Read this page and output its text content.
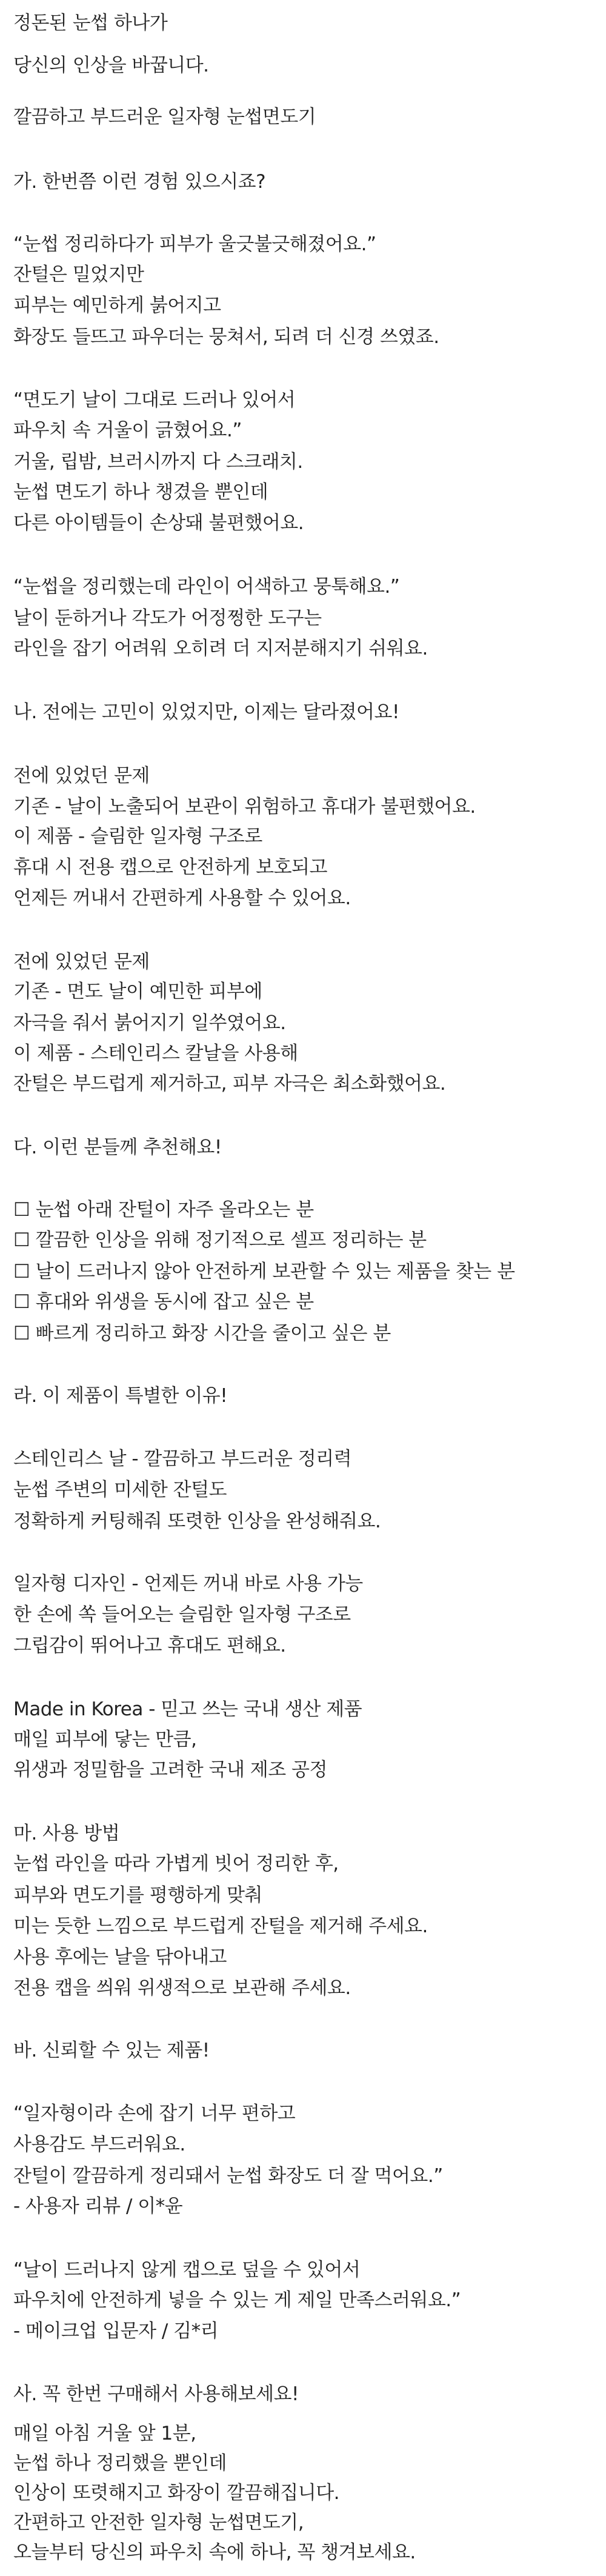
정돈된 눈썹 하나가

당신의 인상을 바꿉니다.

깔끔하고 부드러운 일자형 눈썹면도기

가. 한번쯤 이런 경험 있으시죠?

“눈썹 정리하다가 피부가 울긋불긋해졌어요.”

잔털은 밀었지만

피부는 예민하게 붉어지고

화장도 들뜨고 파우더는 뭉쳐서, 되려 더 신경 쓰였죠.

“면도기 날이 그대로 드러나 있어서

파우치 속 거울이 긁혔어요.”

거울, 립밤, 브러시까지 다 스크래치.

눈썹 면도기 하나 챙겼을 뿐인데

다른 아이템들이 손상돼 불편했어요.

“눈썹을 정리했는데 라인이 어색하고 뭉툭해요.”

날이 둔하거나 각도가 어정쩡한 도구는

라인을 잡기 어려워 오히려 더 지저분해지기 쉬워요.

나. 전에는 고민이 있었지만, 이제는 달라졌어요!

전에 있었던 문제

기존 - 날이 노출되어 보관이 위험하고 휴대가 불편했어요.

이 제품 - 슬림한 일자형 구조로

휴대 시 전용 캡으로 안전하게 보호되고

언제든 꺼내서 간편하게 사용할 수 있어요.

전에 있었던 문제

기존 - 면도 날이 예민한 피부에

자극을 줘서 붉어지기 일쑤였어요.

이 제품 - 스테인리스 칼날을 사용해

잔털은 부드럽게 제거하고, 피부 자극은 최소화했어요.

다. 이런 분들께 추천해요!

☐ 눈썹 아래 잔털이 자주 올라오는 분

☐ 깔끔한 인상을 위해 정기적으로 셀프 정리하는 분

☐ 날이 드러나지 않아 안전하게 보관할 수 있는 제품을 찾는 분

☐ 휴대와 위생을 동시에 잡고 싶은 분

☐ 빠르게 정리하고 화장 시간을 줄이고 싶은 분

라. 이 제품이 특별한 이유!

스테인리스 날 - 깔끔하고 부드러운 정리력

눈썹 주변의 미세한 잔털도

정확하게 커팅해줘 또렷한 인상을 완성해줘요.

일자형 디자인 - 언제든 꺼내 바로 사용 가능

한 손에 쏙 들어오는 슬림한 일자형 구조로

그립감이 뛰어나고 휴대도 편해요.

Made in Korea - 믿고 쓰는 국내 생산 제품

매일 피부에 닿는 만큼,

위생과 정밀함을 고려한 국내 제조 공정

마. 사용 방법

눈썹 라인을 따라 가볍게 빗어 정리한 후,

피부와 면도기를 평행하게 맞춰

미는 듯한 느낌으로 부드럽게 잔털을 제거해 주세요.

사용 후에는 날을 닦아내고

전용 캡을 씌워 위생적으로 보관해 주세요.

바. 신뢰할 수 있는 제품!

“일자형이라 손에 잡기 너무 편하고

사용감도 부드러워요.

잔털이 깔끔하게 정리돼서 눈썹 화장도 더 잘 먹어요.”

- 사용자 리뷰 / 이*윤

“날이 드러나지 않게 캡으로 덮을 수 있어서

파우치에 안전하게 넣을 수 있는 게 제일 만족스러워요.”

- 메이크업 입문자 / 김*리

사. 꼭 한번 구매해서 사용해보세요!

매일 아침 거울 앞 1분,

눈썹 하나 정리했을 뿐인데

인상이 또렷해지고 화장이 깔끔해집니다.

간편하고 안전한 일자형 눈썹면도기,

오늘부터 당신의 파우치 속에 하나, 꼭 챙겨보세요.
